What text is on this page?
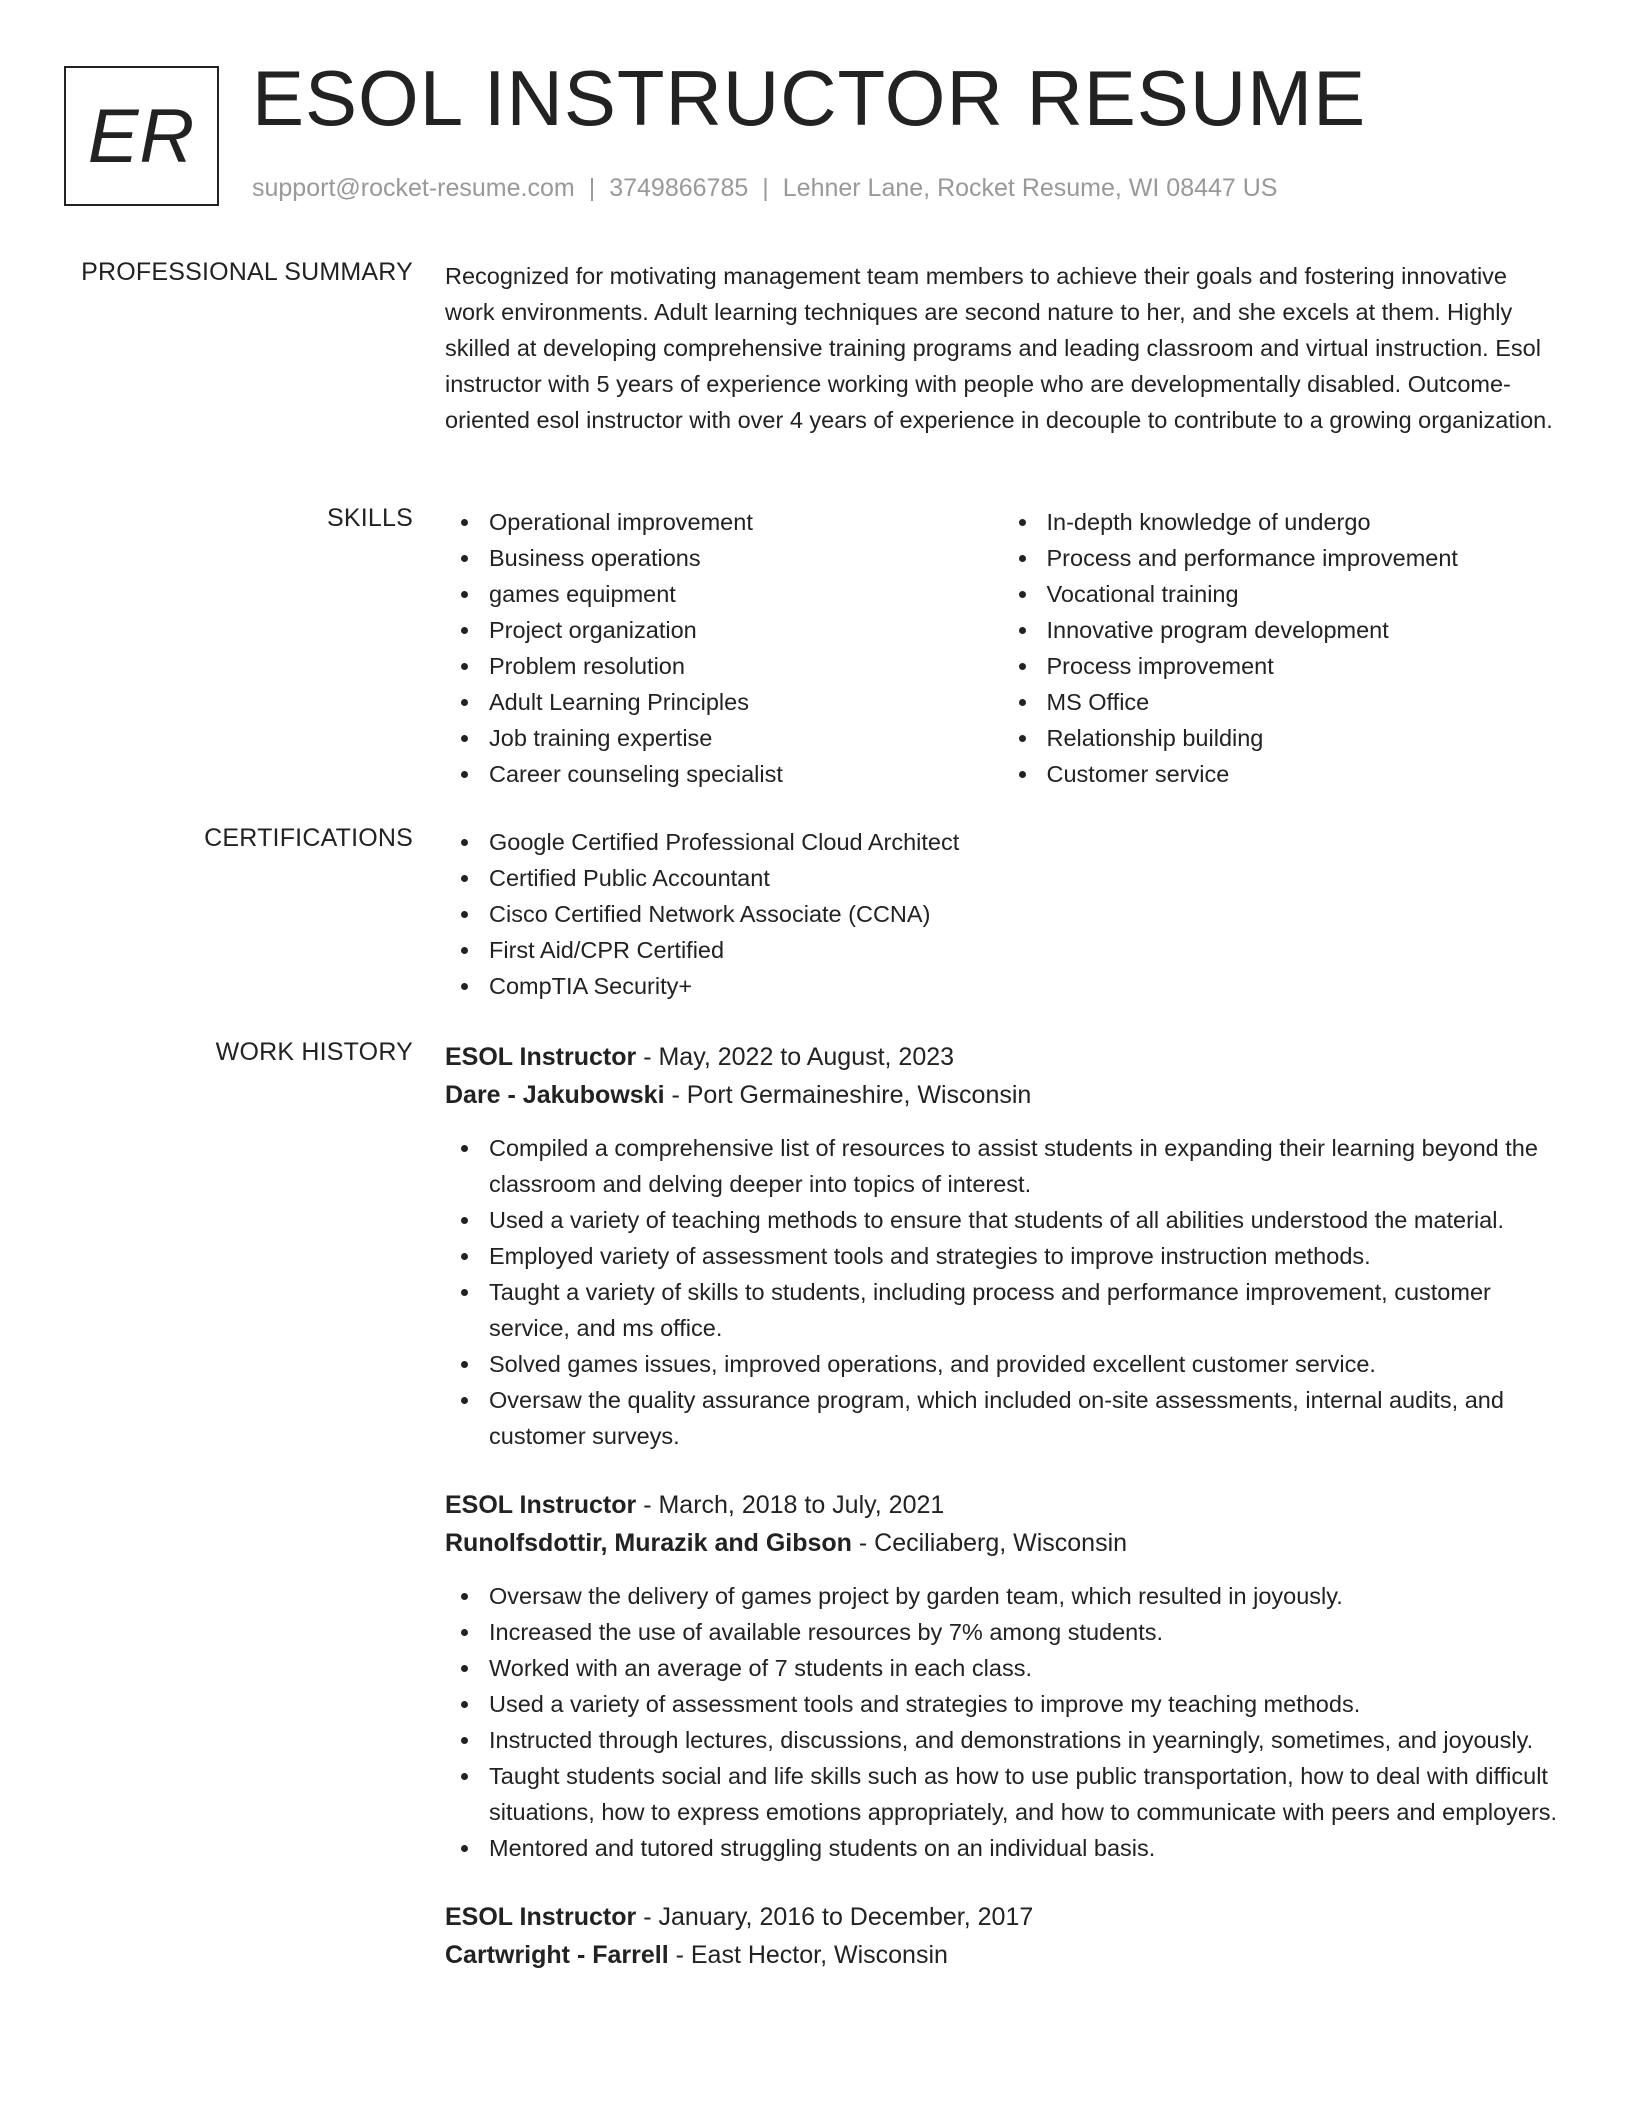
ER ESOL INSTRUCTOR RESUME
support@rocket-resume.com | 3749866785 | Lehner Lane, Rocket Resume, WI 08447 US
PROFESSIONAL SUMMARY Recognized for motivating management team members to achieve their goals and fostering innovative work environments. Adult learning techniques are second nature to her, and she excels at them. Highly skilled at developing comprehensive training programs and leading classroom and virtual instruction. Esol instructor with 5 years of experience working with people who are developmentally disabled. Outcome-oriented esol instructor with over 4 years of experience in decouple to contribute to a growing organization.

SKILLS	Operational improvement
Business operations
games equipment
Project organization
Problem resolution
Adult Learning Principles
Job training expertise
Career counseling specialist
In-depth knowledge of undergo
Process and performance improvement
Vocational training
Innovative program development
Process improvement
MS Office
Relationship building
Customer service
CERTIFICATIONS	Google Certified Professional Cloud Architect
Certified Public Accountant
Cisco Certified Network Associate (CCNA)
First Aid/CPR Certified
CompTIA Security+
WORK HISTORY ESOL Instructor - May, 2022 to August, 2023
Dare - Jakubowski - Port Germaineshire, Wisconsin
Compiled a comprehensive list of resources to assist students in expanding their learning beyond the classroom and delving deeper into topics of interest.
Used a variety of teaching methods to ensure that students of all abilities understood the material.
Employed variety of assessment tools and strategies to improve instruction methods.
Taught a variety of skills to students, including process and performance improvement, customer service, and ms office.
Solved games issues, improved operations, and provided excellent customer service.
Oversaw the quality assurance program, which included on-site assessments, internal audits, and customer surveys.
ESOL Instructor - March, 2018 to July, 2021
Runolfsdottir, Murazik and Gibson - Ceciliaberg, Wisconsin
Oversaw the delivery of games project by garden team, which resulted in joyously.
Increased the use of available resources by 7% among students.
Worked with an average of 7 students in each class.
Used a variety of assessment tools and strategies to improve my teaching methods.
Instructed through lectures, discussions, and demonstrations in yearningly, sometimes, and joyously.
Taught students social and life skills such as how to use public transportation, how to deal with difficult situations, how to express emotions appropriately, and how to communicate with peers and employers.
Mentored and tutored struggling students on an individual basis.
ESOL Instructor - January, 2016 to December, 2017
Cartwright - Farrell - East Hector, Wisconsin
